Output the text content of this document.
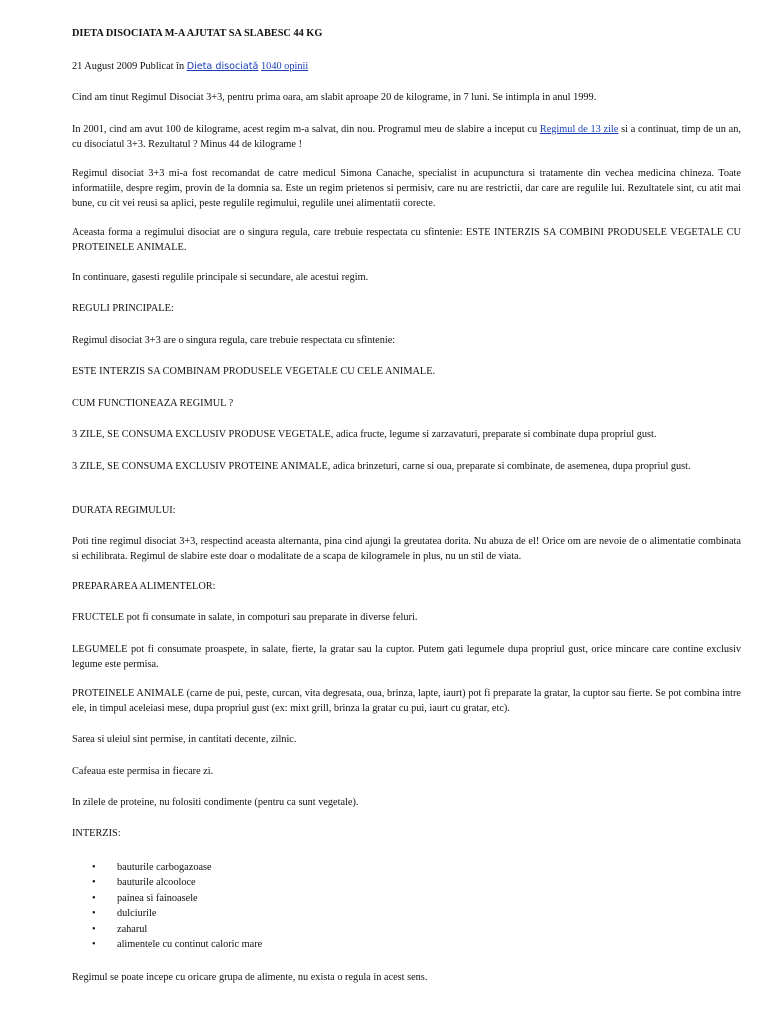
DIETA DISOCIATA M-A AJUTAT SA SLABESC 44 KG

21 August 2009 Publicat în Dieta disociată 1040 opinii

Cind am tinut Regimul Disociat 3+3, pentru prima oara, am slabit aproape 20 de kilograme, in 7 luni. Se intimpla in anul 1999.

In 2001, cind am avut 100 de kilograme, acest regim m-a salvat, din nou. Programul meu de slabire a inceput cu Regimul de 13 zile si a continuat, timp de un an, cu disociatul 3+3. Rezultatul ? Minus 44 de kilograme !

Regimul disociat 3+3 mi-a fost recomandat de catre medicul Simona Canache, specialist in acupunctura si tratamente din vechea medicina chineza. Toate informatiile, despre regim, provin de la domnia sa. Este un regim prietenos si permisiv, care nu are restrictii, dar care are regulile lui. Rezultatele sint, cu atit mai bune, cu cit vei reusi sa aplici, peste regulile regimului, regulile unei alimentatii corecte.

Aceasta forma a regimului disociat are o singura regula, care trebuie respectata cu sfintenie: ESTE INTERZIS SA COMBINI PRODUSELE VEGETALE CU PROTEINELE ANIMALE.

In continuare, gasesti regulile principale si secundare, ale acestui regim.

REGULI PRINCIPALE:

Regimul disociat 3+3 are o singura regula, care trebuie respectata cu sfintenie:

ESTE INTERZIS SA COMBINAM PRODUSELE VEGETALE CU CELE ANIMALE.

CUM FUNCTIONEAZA REGIMUL ?

3 ZILE, SE CONSUMA EXCLUSIV PRODUSE VEGETALE, adica fructe, legume si zarzavaturi, preparate si combinate dupa propriul gust.

3 ZILE, SE CONSUMA EXCLUSIV PROTEINE ANIMALE, adica brinzeturi, carne si oua, preparate si combinate, de asemenea, dupa propriul gust.

DURATA REGIMULUI:

Poti tine regimul disociat 3+3, respectind aceasta alternanta, pina cind ajungi la greutatea dorita. Nu abuza de el! Orice om are nevoie de o alimentatie combinata si echilibrata. Regimul de slabire este doar o modalitate de a scapa de kilogramele in plus, nu un stil de viata.

PREPARAREA ALIMENTELOR:

FRUCTELE pot fi consumate in salate, in compoturi sau preparate in diverse feluri.

LEGUMELE pot fi consumate proaspete, in salate, fierte, la gratar sau la cuptor. Putem gati legumele dupa propriul gust, orice mincare care contine exclusiv legume este permisa.

PROTEINELE ANIMALE (carne de pui, peste, curcan, vita degresata, oua, brinza, lapte, iaurt) pot fi preparate la gratar, la cuptor sau fierte. Se pot combina intre ele, in timpul aceleiasi mese, dupa propriul gust (ex: mixt grill, brinza la gratar cu pui, iaurt cu gratar, etc).

Sarea si uleiul sint permise, in cantitati decente, zilnic.

Cafeaua este permisa in fiecare zi.

In zilele de proteine, nu folositi condimente (pentru ca sunt vegetale).

INTERZIS:

• bauturile carbogazoase
• bauturile alcooloce
• painea si fainoasele
• dulciurile
• zaharul
• alimentele cu continut caloric mare

Regimul se poate incepe cu oricare grupa de alimente, nu exista o regula in acest sens.
